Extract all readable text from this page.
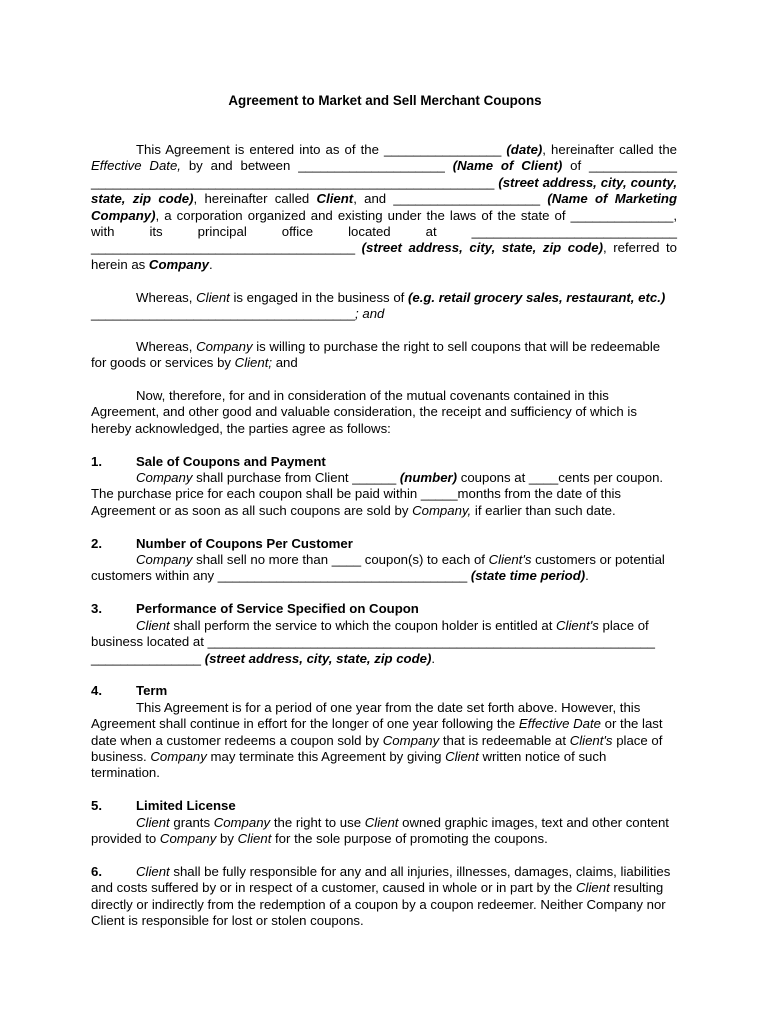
Agreement to Market and Sell Merchant Coupons

This Agreement is entered into as of the ________________ (date), hereinafter called the Effective Date, by and between ____________________ (Name of Client) of ____________ _______________________________________________________ (street address, city, county, state, zip code), hereinafter called Client, and ____________________ (Name of Marketing Company), a corporation organized and existing under the laws of the state of ______________, with its principal office located at ____________________________ ____________________________________ (street address, city, state, zip code), referred to herein as Company.

Whereas, Client is engaged in the business of (e.g. retail grocery sales, restaurant, etc.) ____________________________________; and

Whereas, Company is willing to purchase the right to sell coupons that will be redeemable for goods or services by Client; and

Now, therefore, for and in consideration of the mutual covenants contained in this Agreement, and other good and valuable consideration, the receipt and sufficiency of which is hereby acknowledged, the parties agree as follows:

1.	Sale of Coupons and Payment

Company shall purchase from Client ______ (number) coupons at ____cents per coupon. The purchase price for each coupon shall be paid within _____months from the date of this Agreement or as soon as all such coupons are sold by Company, if earlier than such date.

2.	Number of Coupons Per Customer

Company shall sell no more than ____ coupon(s) to each of Client's customers or potential customers within any __________________________________ (state time period).

3.	Performance of Service Specified on Coupon

Client shall perform the service to which the coupon holder is entitled at Client's place of business located at _____________________________________________________________ _______________ (street address, city, state, zip code).

4.	Term

This Agreement is for a period of one year from the date set forth above. However, this Agreement shall continue in effort for the longer of one year following the Effective Date or the last date when a customer redeems a coupon sold by Company that is redeemable at Client's place of business. Company may terminate this Agreement by giving Client written notice of such termination.

5.	Limited License

Client grants Company the right to use Client owned graphic images, text and other content provided to Company by Client for the sole purpose of promoting the coupons.

6.	Client shall be fully responsible for any and all injuries, illnesses, damages, claims, liabilities and costs suffered by or in respect of a customer, caused in whole or in part by the Client resulting directly or indirectly from the redemption of a coupon by a coupon redeemer. Neither Company nor Client is responsible for lost or stolen coupons.
